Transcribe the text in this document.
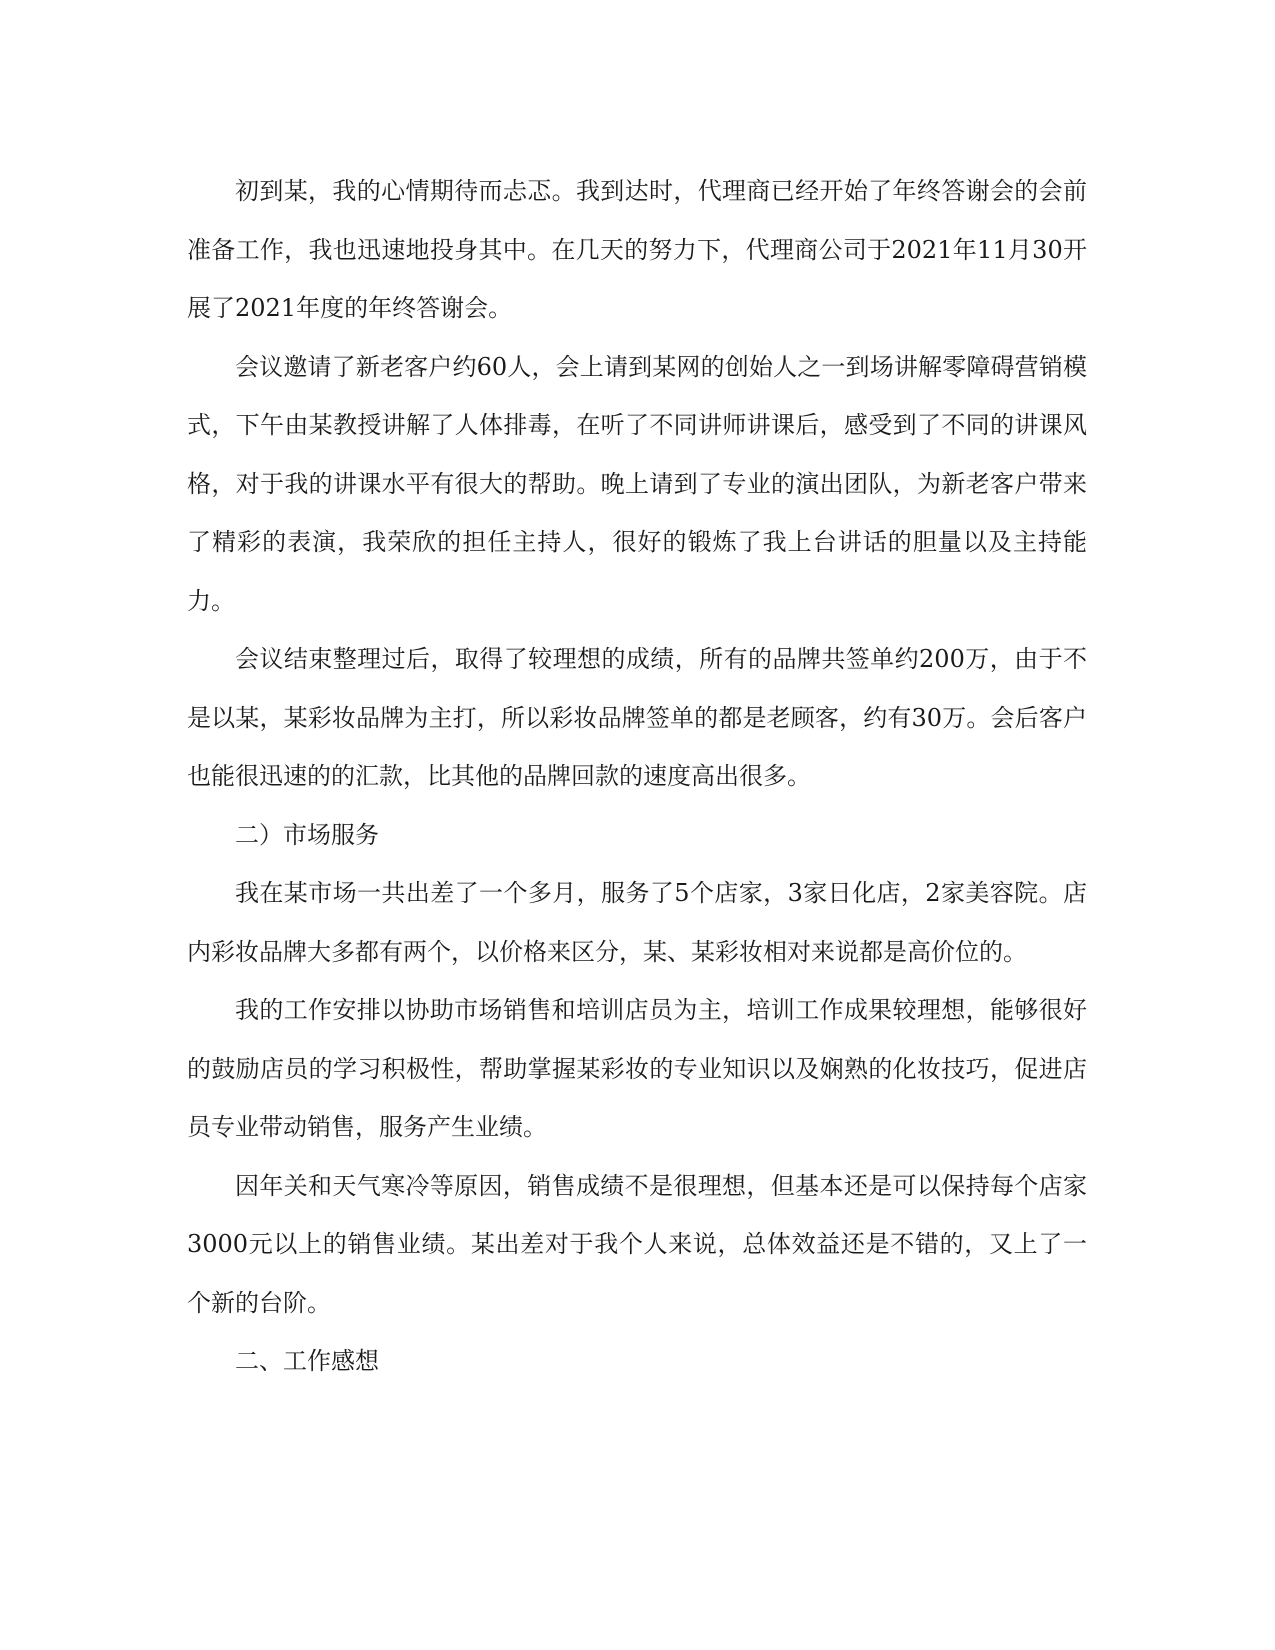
初到某，我的心情期待而忐忑。我到达时，代理商已经开始了年终答谢会的会前准备工作，我也迅速地投身其中。在几天的努力下，代理商公司于2021年11月30开展了2021年度的年终答谢会。

会议邀请了新老客户约60人，会上请到某网的创始人之一到场讲解零障碍营销模式，下午由某教授讲解了人体排毒，在听了不同讲师讲课后，感受到了不同的讲课风格，对于我的讲课水平有很大的帮助。晚上请到了专业的演出团队，为新老客户带来了精彩的表演，我荣欣的担任主持人，很好的锻炼了我上台讲话的胆量以及主持能力。

会议结束整理过后，取得了较理想的成绩，所有的品牌共签单约200万，由于不是以某，某彩妆品牌为主打，所以彩妆品牌签单的都是老顾客，约有30万。会后客户也能很迅速的的汇款，比其他的品牌回款的速度高出很多。

二）市场服务

我在某市场一共出差了一个多月，服务了5个店家，3家日化店，2家美容院。店内彩妆品牌大多都有两个，以价格来区分，某、某彩妆相对来说都是高价位的。

我的工作安排以协助市场销售和培训店员为主，培训工作成果较理想，能够很好的鼓励店员的学习积极性，帮助掌握某彩妆的专业知识以及娴熟的化妆技巧，促进店员专业带动销售，服务产生业绩。

因年关和天气寒冷等原因，销售成绩不是很理想，但基本还是可以保持每个店家3000元以上的销售业绩。某出差对于我个人来说，总体效益还是不错的，又上了一个新的台阶。

二、工作感想
